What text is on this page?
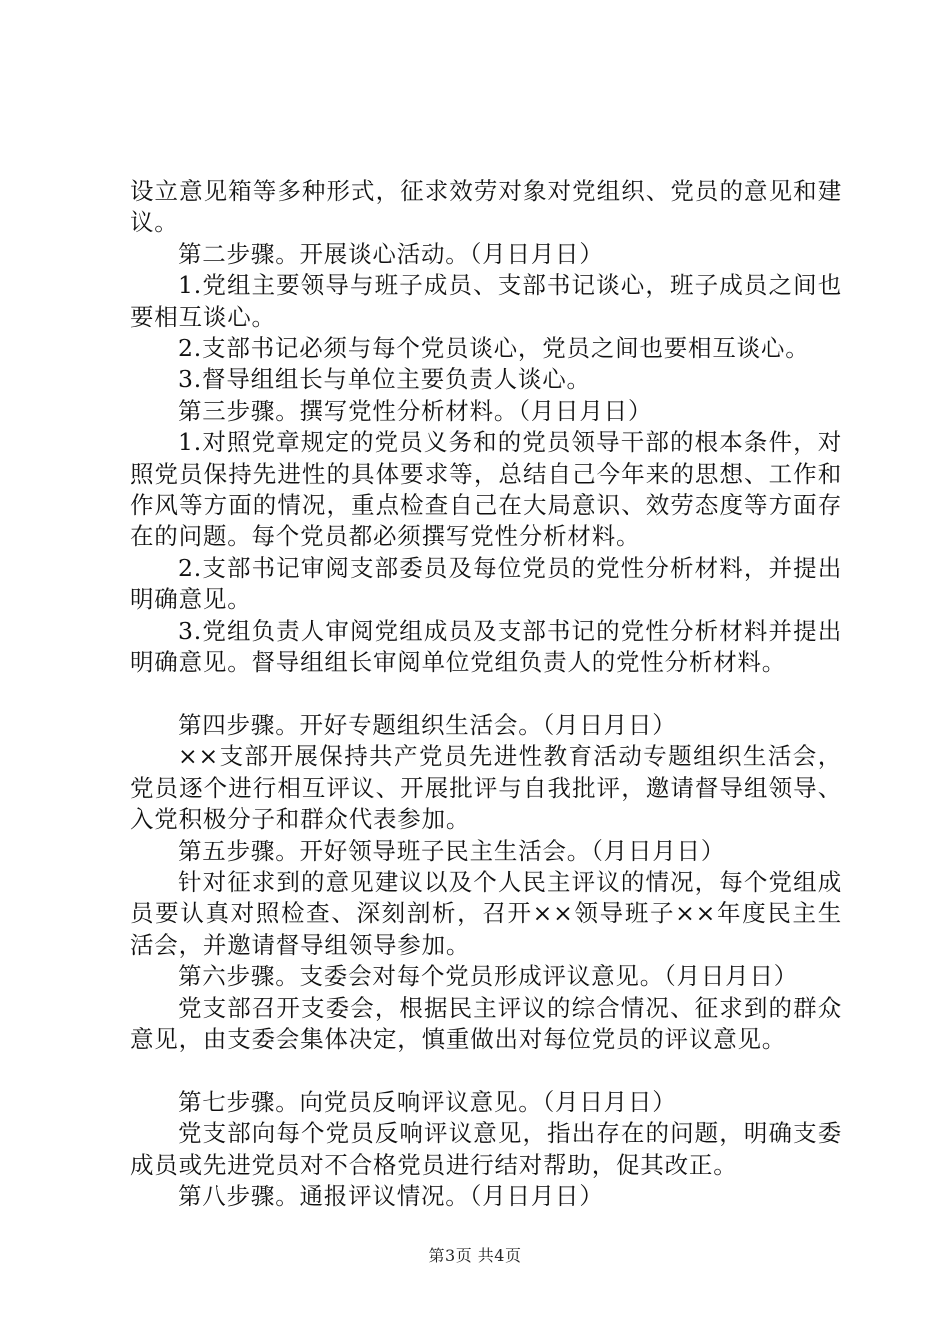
设立意见箱等多种形式，征求效劳对象对党组织、党员的意见和建议。

第二步骤。开展谈心活动。（月日月日）

1.党组主要领导与班子成员、支部书记谈心，班子成员之间也要相互谈心。

2.支部书记必须与每个党员谈心，党员之间也要相互谈心。

3.督导组组长与单位主要负责人谈心。

第三步骤。撰写党性分析材料。（月日月日）

1.对照党章规定的党员义务和的党员领导干部的根本条件，对照党员保持先进性的具体要求等，总结自己今年来的思想、工作和作风等方面的情况，重点检查自己在大局意识、效劳态度等方面存在的问题。每个党员都必须撰写党性分析材料。

2.支部书记审阅支部委员及每位党员的党性分析材料，并提出明确意见。

3.党组负责人审阅党组成员及支部书记的党性分析材料并提出明确意见。督导组组长审阅单位党组负责人的党性分析材料。

第四步骤。开好专题组织生活会。（月日月日）

××支部开展保持共产党员先进性教育活动专题组织生活会，党员逐个进行相互评议、开展批评与自我批评，邀请督导组领导、入党积极分子和群众代表参加。

第五步骤。开好领导班子民主生活会。（月日月日）

针对征求到的意见建议以及个人民主评议的情况，每个党组成员要认真对照检查、深刻剖析，召开××领导班子××年度民主生活会，并邀请督导组领导参加。

第六步骤。支委会对每个党员形成评议意见。（月日月日）

党支部召开支委会，根据民主评议的综合情况、征求到的群众意见，由支委会集体决定，慎重做出对每位党员的评议意见。

第七步骤。向党员反响评议意见。（月日月日）

党支部向每个党员反响评议意见，指出存在的问题，明确支委成员或先进党员对不合格党员进行结对帮助，促其改正。

第八步骤。通报评议情况。（月日月日）

第3页 共4页
